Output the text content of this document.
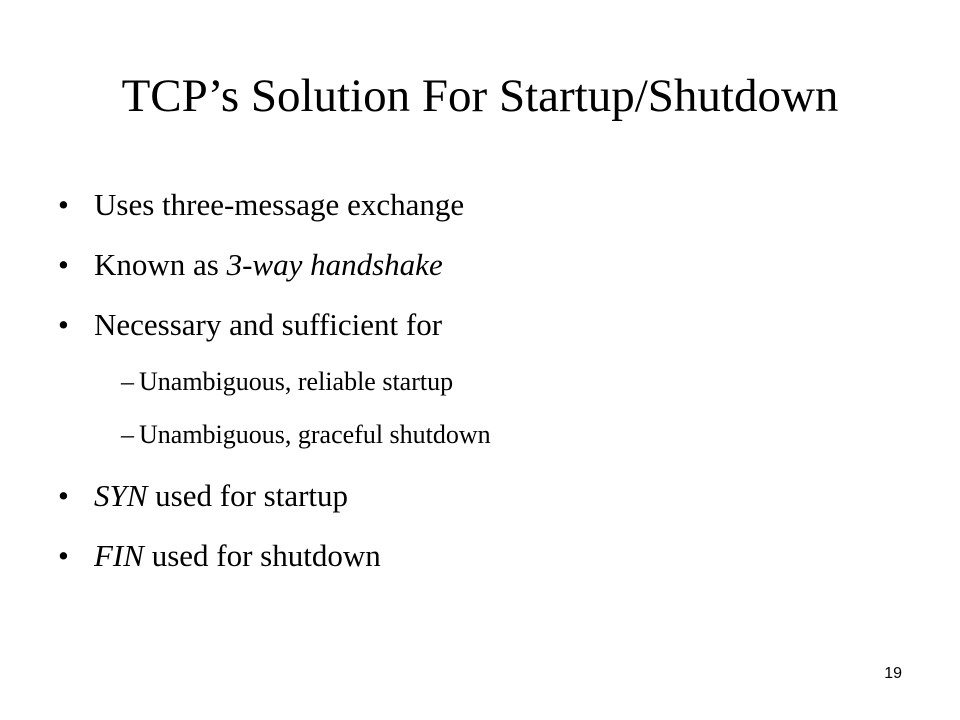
TCP’s Solution For Startup/Shutdown
• Uses three-message exchange
• Known as 3-way handshake
• Necessary and sufficient for
– Unambiguous, reliable startup
– Unambiguous, graceful shutdown
• SYN used for startup
• FIN used for shutdown
19
